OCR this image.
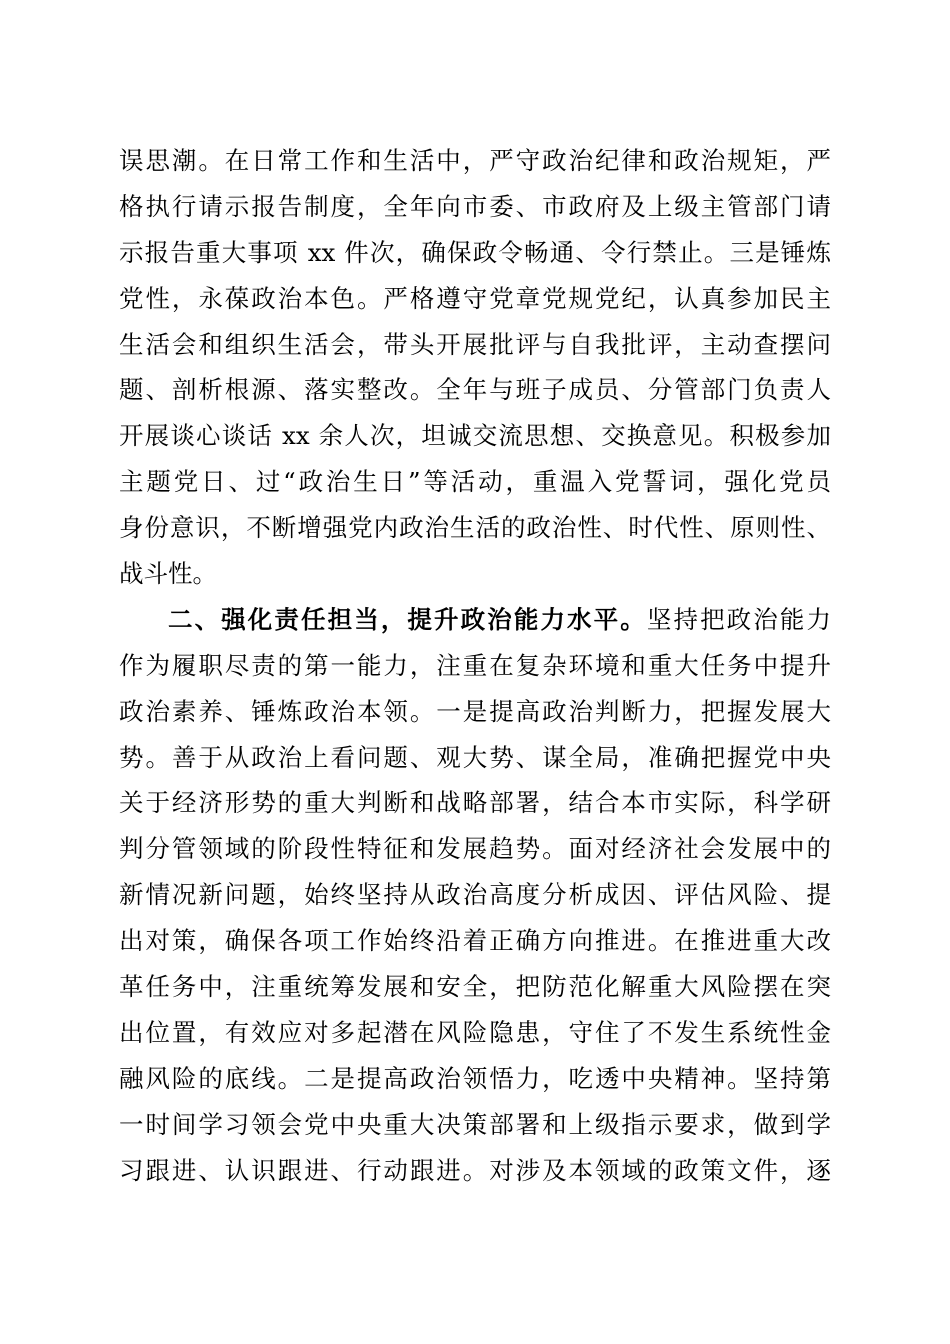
误思潮。在日常工作和生活中，严守政治纪律和政治规矩，严
格执行请示报告制度，全年向市委、市政府及上级主管部门请
示报告重大事项 xx 件次，确保政令畅通、令行禁止。三是锤炼
党性，永葆政治本色。严格遵守党章党规党纪，认真参加民主
生活会和组织生活会，带头开展批评与自我批评，主动查摆问
题、剖析根源、落实整改。全年与班子成员、分管部门负责人
开展谈心谈话 xx 余人次，坦诚交流思想、交换意见。积极参加
主题党日、过“政治生日”等活动，重温入党誓词，强化党员
身份意识，不断增强党内政治生活的政治性、时代性、原则性、
战斗性。
二、强化责任担当，提升政治能力水平。坚持把政治能力
作为履职尽责的第一能力，注重在复杂环境和重大任务中提升
政治素养、锤炼政治本领。一是提高政治判断力，把握发展大
势。善于从政治上看问题、观大势、谋全局，准确把握党中央
关于经济形势的重大判断和战略部署，结合本市实际，科学研
判分管领域的阶段性特征和发展趋势。面对经济社会发展中的
新情况新问题，始终坚持从政治高度分析成因、评估风险、提
出对策，确保各项工作始终沿着正确方向推进。在推进重大改
革任务中，注重统筹发展和安全，把防范化解重大风险摆在突
出位置，有效应对多起潜在风险隐患，守住了不发生系统性金
融风险的底线。二是提高政治领悟力，吃透中央精神。坚持第
一时间学习领会党中央重大决策部署和上级指示要求，做到学
习跟进、认识跟进、行动跟进。对涉及本领域的政策文件，逐
